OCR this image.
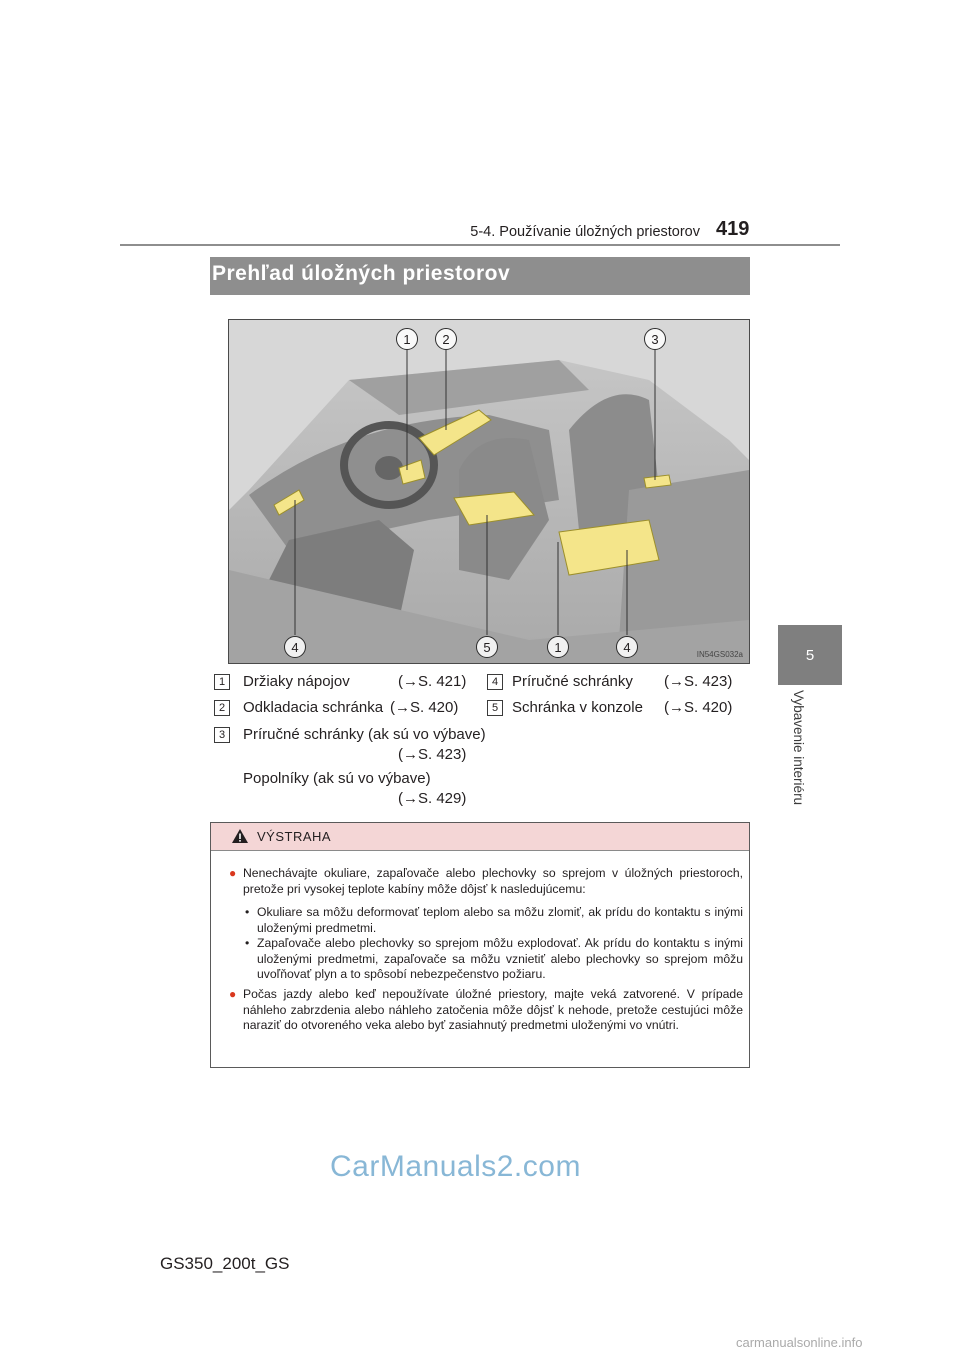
5-4. Používanie úložných priestorov 419
5
Vybavenie interiéru
Prehľad úložných priestorov
1	2	3
4	5	1	4	IN54GS032a
1	Držiaky nápojov	(→S. 421)
2	Odkladacia schránka (→S. 420)
3	Príručné schránky (ak sú vo výbave)
(→S. 423)
Popolníky (ak sú vo výbave)
(→S. 429)
4 Príručné schránky (→S. 423)
5 Schránka v konzole (→S. 420)
VÝSTRAHA
● Nenechávajte okuliare, zapaľovače alebo plechovky so sprejom v úložných priestoroch, pretože pri vysokej teplote kabíny môže dôjsť k nasledujúcemu:
• Okuliare sa môžu deformovať teplom alebo sa môžu zlomiť, ak prídu do kontaktu s inými uloženými predmetmi.
• Zapaľovače alebo plechovky so sprejom môžu explodovať. Ak prídu do kontaktu s inými uloženými predmetmi, zapaľovače sa môžu vznietiť alebo plechovky so sprejom môžu uvoľňovať plyn a to spôsobí nebezpečenstvo požiaru.
● Počas jazdy alebo keď nepoužívate úložné priestory, majte veká zatvorené. V prípade náhleho zabrzdenia alebo náhleho zatočenia môže dôjsť k nehode, pretože cestujúci môže naraziť do otvoreného veka alebo byť zasiahnutý predmetmi uloženými vo vnútri.
CarManuals2.com
GS350_200t_GS
carmanualsonline.info
